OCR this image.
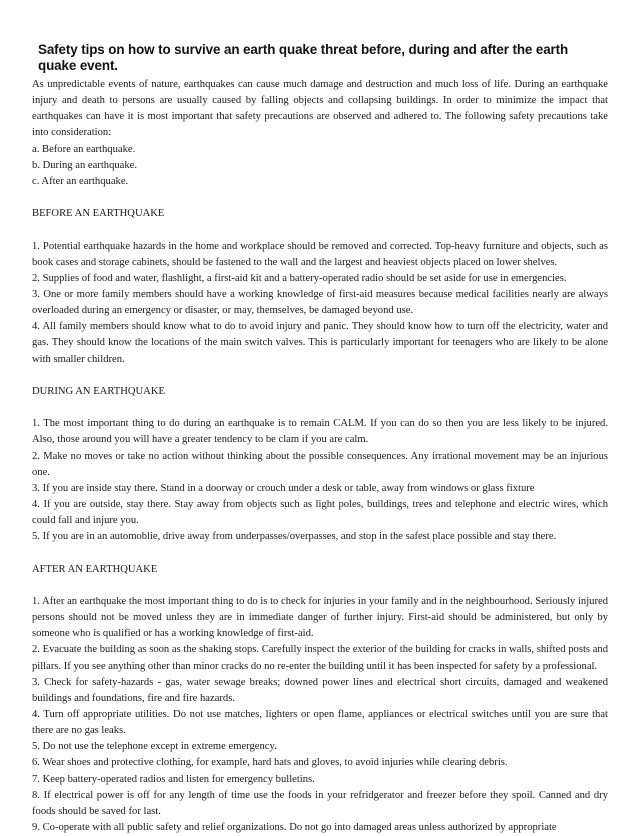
Safety tips on how to survive an earth quake threat before, during and after the earth quake event.

As unpredictable events of nature, earthquakes can cause much damage and destruction and much loss of life. During an earthquake injury and death to persons are usually caused by falling objects and collapsing buildings. In order to minimize the impact that earthquakes can have it is most important that safety precautions are observed and adhered to. The following safety precautions take into consideration:

a. Before an earthquake.

b. During an earthquake.

c. After an earthquake.

BEFORE AN EARTHQUAKE

1. Potential earthquake hazards in the home and workplace should be removed and corrected. Top-heavy furniture and objects, such as book cases and storage cabinets, should be fastened to the wall and the largest and heaviest objects placed on lower shelves.

2. Supplies of food and water, flashlight, a first-aid kit and a battery-operated radio should be set aside for use in emergencies.

3. One or more family members should have a working knowledge of first-aid measures because medical facilities nearly are always overloaded during an emergency or disaster, or may, themselves, be damaged beyond use.

4. All family members should know what to do to avoid injury and panic. They should know how to turn off the electricity, water and gas. They should know the locations of the main switch valves. This is particularly important for teenagers who are likely to be alone with smaller children.

DURING AN EARTHQUAKE

1. The most important thing to do during an earthquake is to remain CALM. If you can do so then you are less likely to be injured. Also, those around you will have a greater tendency to be clam if you are calm.

2. Make no moves or take no action without thinking about the possible consequences. Any irrational movement may be an injurious one.

3. If you are inside stay there. Stand in a doorway or crouch under a desk or table, away from windows or glass fixture

4. If you are outside, stay there. Stay away from objects such as light poles, buildings, trees and telephone and electric wires, which could fall and injure you.

5. If you are in an automoblie, drive away from underpasses/overpasses, and stop in the safest place possible and stay there.

AFTER AN EARTHQUAKE

1. After an earthquake the most important thing to do is to check for injuries in your family and in the neighbourhood. Seriously injured persons should not be moved unless they are in immediate danger of further injury. First-aid should be administered, but only by someone who is qualified or has a working knowledge of first-aid.

2. Evacuate the building as soon as the shaking stops. Carefully inspect the exterior of the building for cracks in walls, shifted posts and pillars. If you see anything other than minor cracks do no re-enter the building until it has been inspected for safety by a professional.

3. Check for safety-hazards - gas, water sewage breaks; downed power lines and electrical short circuits, damaged and weakened buildings and foundations, fire and fire hazards.

4. Turn off appropriate utilities. Do not use matches, lighters or open flame, appliances or electrical switches until you are sure that there are no gas leaks.

5. Do not use the telephone except in extreme emergency.

6. Wear shoes and protective clothing, for example, hard hats and gloves, to avoid injuries while clearing debris.

7. Keep battery-operated radios and listen for emergency bulletins.

8. If electrical power is off for any length of time use the foods in your refridgerator and freezer before they spoil. Canned and dry foods should be saved for last.

9. Co-operate with all public safety and relief organizations. Do not go into damaged areas unless authorized by appropriate
